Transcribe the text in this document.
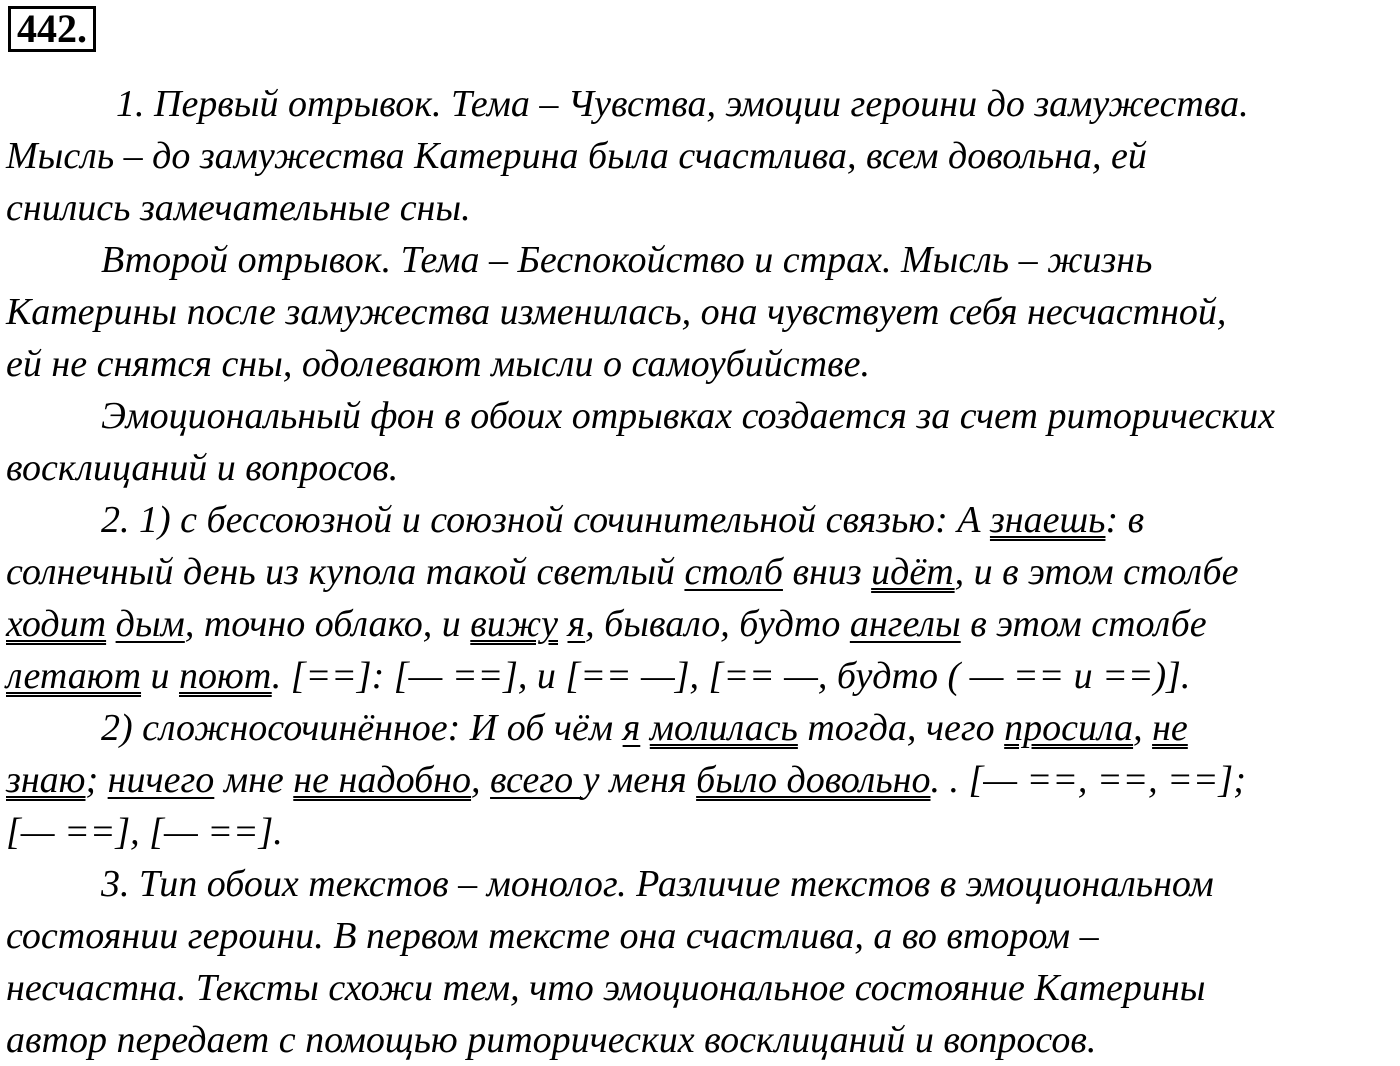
442.
1. Первый отрывок. Тема – Чувства, эмоции героини до замужества.
Мысль – до замужества Катерина была счастлива, всем довольна, ей
снились замечательные сны.
Второй отрывок. Тема – Беспокойство и страх. Мысль – жизнь
Катерины после замужества изменилась, она чувствует себя несчастной,
ей не снятся сны, одолевают мысли о самоубийстве.
Эмоциональный фон в обоих отрывках создается за счет риторических
восклицаний и вопросов.
2. 1) с бессоюзной и союзной сочинительной связью: А знаешь: в
солнечный день из купола такой светлый столб вниз идёт, и в этом столбе
ходит дым, точно облако, и вижу я, бывало, будто ангелы в этом столбе
летают и поют. [==]: [— ==], и [== —], [== —, будто ( — == и ==)].
2) сложносочинённое: И об чём я молилась тогда, чего просила, не
знаю; ничего мне не надобно, всего у меня было довольно. . [— ==, ==, ==];
[— ==], [— ==].
3. Тип обоих текстов – монолог. Различие текстов в эмоциональном
состоянии героини. В первом тексте она счастлива, а во втором –
несчастна. Тексты схожи тем, что эмоциональное состояние Катерины
автор передает с помощью риторических восклицаний и вопросов.
